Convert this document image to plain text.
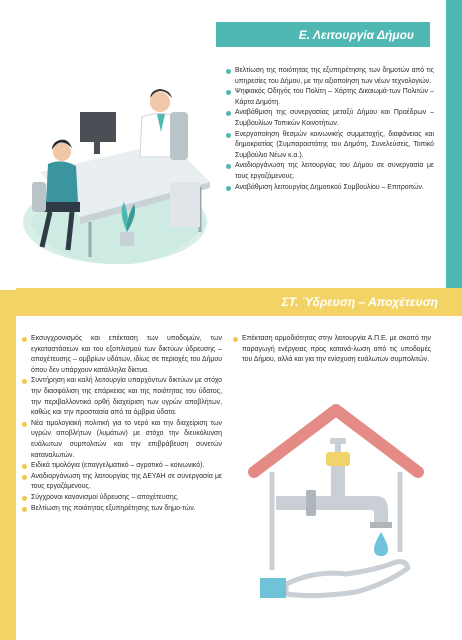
Ε. Λειτουργία Δήμου
Βελτίωση της ποιότητας της εξυπηρέτησης των δημοτών από τις υπηρεσίες του Δήμου, με την αξιοποίηση των νέων τεχνολογιών.
Ψηφιακός Οδηγός του Πολίτη – Χάρτης Δικαιωμά-των Πολιτών – Κάρτα Δημότη.
Αναβάθμιση της συνεργασίας μεταξύ Δήμου και Προέδρων – Συμβουλίων Τοπικών Κοινοτήτων.
Ενεργοποίηση θεσμών κοινωνικής συμμετοχής, διαφάνειας και δημοκρατίας (Συμπαραστάτης του Δημότη, Συνελεύσεις, Τοπικό Συμβούλιο Νέων κ.α.).
Αναδιοργάνωση της λειτουργίας του Δήμου σε συνεργασία με τους εργαζόμενους.
Αναβάθμιση λειτουργίας Δημοτικού Συμβουλίου – Επιτροπών.
ΣΤ. Ύδρευση – Αποχέτευση
Εκσυγχρονισμός και επέκταση των υποδομών, των εγκαταστάσεων και του εξοπλισμού των δικτύων ύδρευσης – αποχέτευσης – ομβρίων υδάτων, ιδίως σε περιοχές του Δήμου όπου δεν υπάρχουν κατάλληλα δίκτυα.
Συντήρηση και καλή λειτουργία υπαρχόντων δικτύων με στόχο την διασφάλιση της επάρκειας και της ποιότητας του ύδατος, την περιβαλλοντικά ορθή διαχείριση των υγρών αποβλήτων, καθώς και την προστασία από τα όμβρια ύδατα.
Νέα τιμολογιακή πολιτική για το νερό και την διαχείριση των υγρών αποβλήτων (λυμάτων) με στόχο την διευκόλυνση ευάλωτων συμπολιτών και την επιβράβευση συνετών καταναλωτών.
Ειδικά τιμολόγια (επαγγελματικό – αγροτικό – κοινωνικό).
Αναδιοργάνωση της λειτουργίας της ΔΕΥΑΗ σε συνεργασία με τους εργαζόμενους.
Σύγχρονοι κανονισμοί ύδρευσης – αποχέτευσης.
Βελτίωση της ποιότητας εξυπηρέτησης των δημο-τών.
Επέκταση αρμοδιότητας στην λειτουργία Α.Π.Ε. με σκοπό την παραγωγή ενέργειας προς κατανά-λωση από τις υποδομές του Δήμου, αλλά και για την ενίσχυση ευάλωτων συμπολιτών.
